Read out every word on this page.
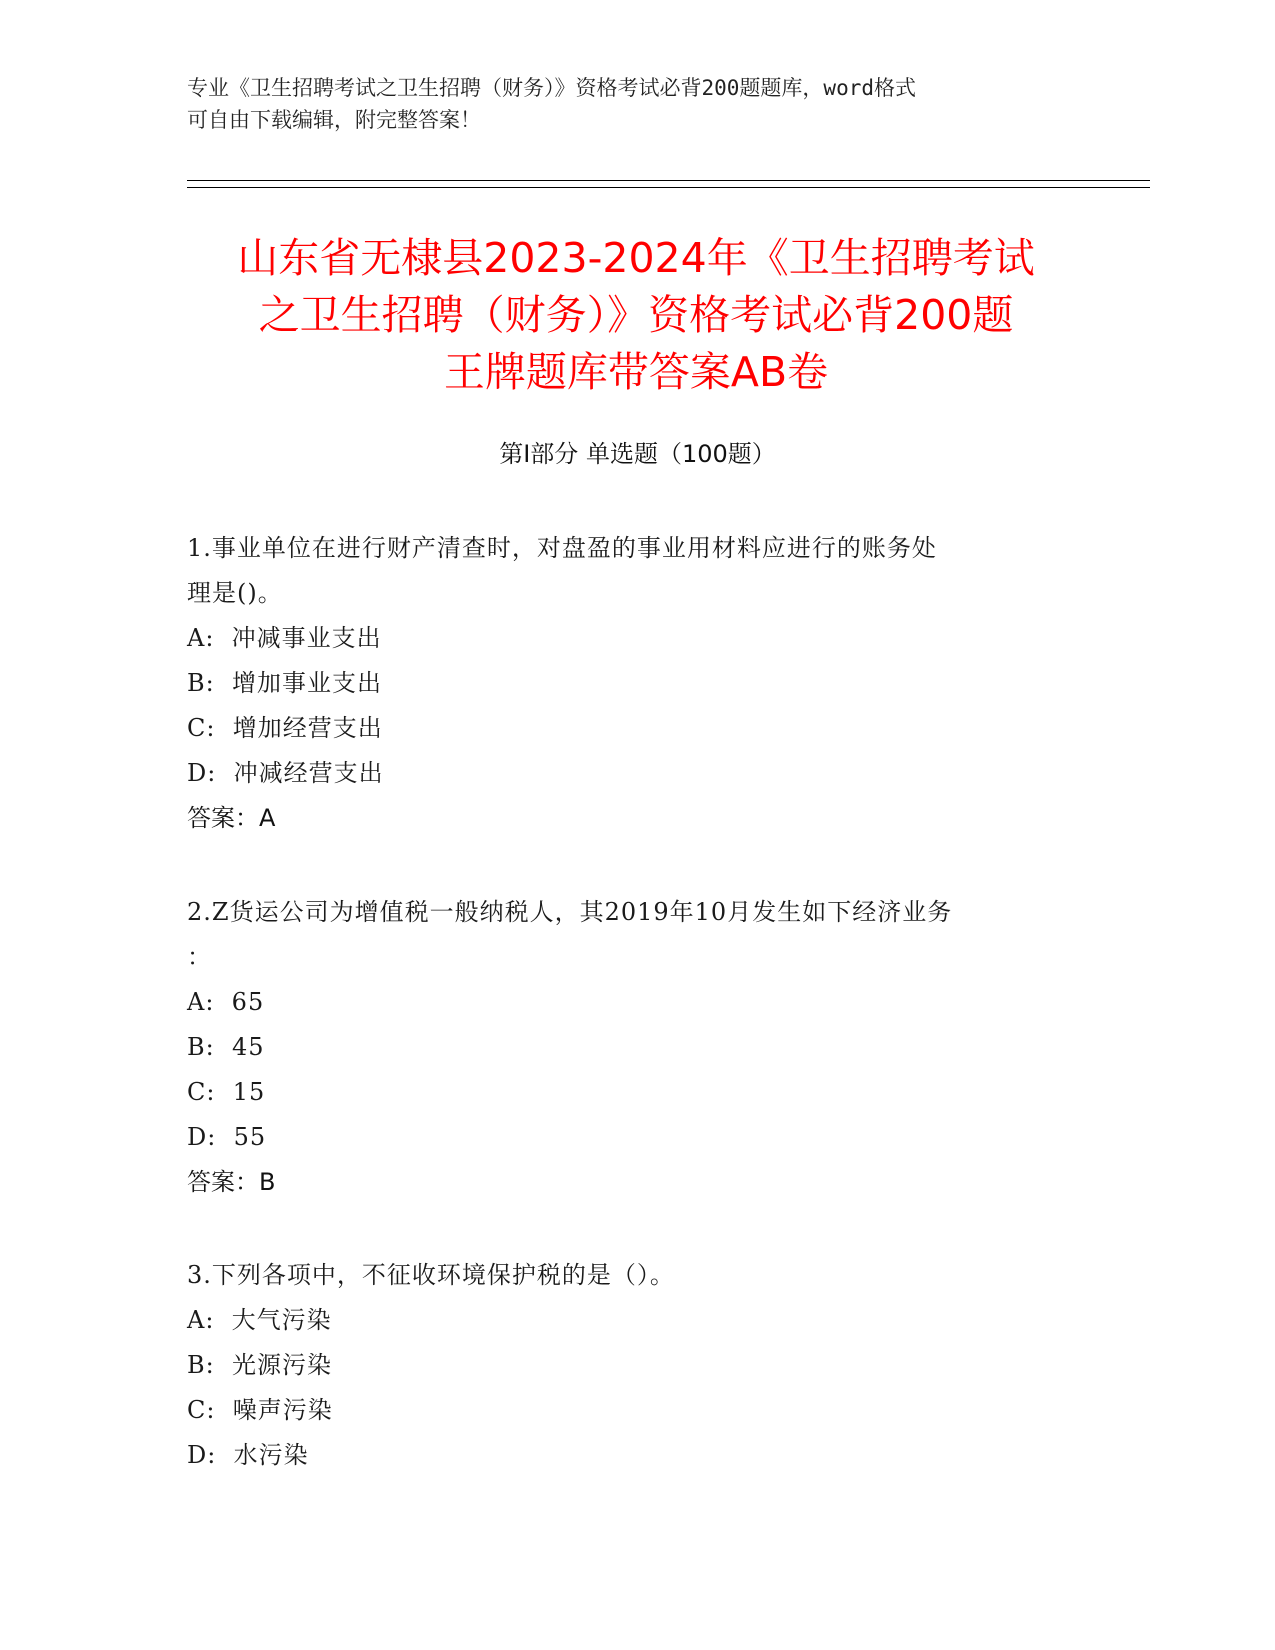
专业《卫生招聘考试之卫生招聘（财务）》资格考试必背200题题库，word格式
可自由下载编辑，附完整答案！
山东省无棣县2023-2024年《卫生招聘考试
之卫生招聘（财务）》资格考试必背200题
王牌题库带答案AB卷
第Ⅰ部分 单选题（100题）

1.事业单位在进行财产清查时，对盘盈的事业用材料应进行的账务处
理是()。

A:  冲减事业支出

B:  增加事业支出

C:  增加经营支出

D:  冲减经营支出

答案：A

2.Z货运公司为增值税一般纳税人，其2019年10月发生如下经济业务
：

A:  65

B:  45

C:  15

D:  55

答案：B

3.下列各项中，不征收环境保护税的是（）。

A:  大气污染

B:  光源污染

C:  噪声污染

D:  水污染
